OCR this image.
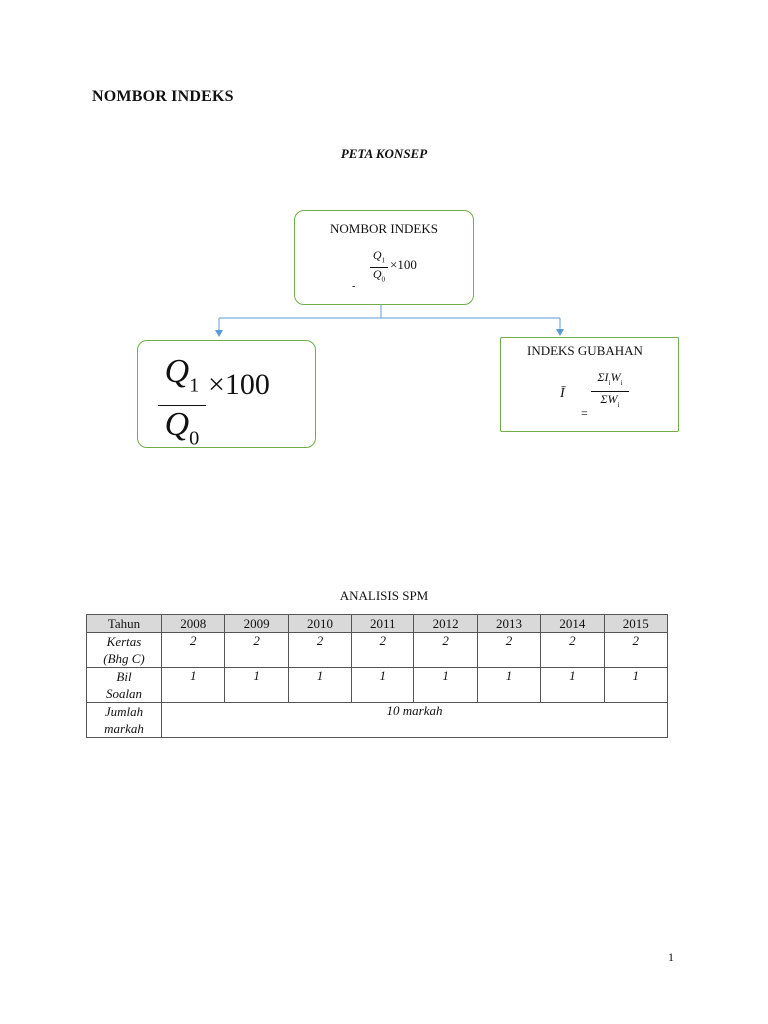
NOMBOR INDEKS
PETA KONSEP
NOMBOR INDEKS
$Q_1$
$Q_0$
×100
-
$Q_1$
$Q_0$
×100
INDEKS GUBAHAN
Ī
$\Sigma I_iW_i$
$\Sigma W_i$
=
ANALISIS SPM
Tahun	2008	2009	2010	2011	2012	2013	2014	2015
Kertas
(Bhg C)	2	2	2	2	2	2	2	2
Bil
Soalan	1	1	1	1	1	1	1	1
Jumlah
markah	10 markah							
1
